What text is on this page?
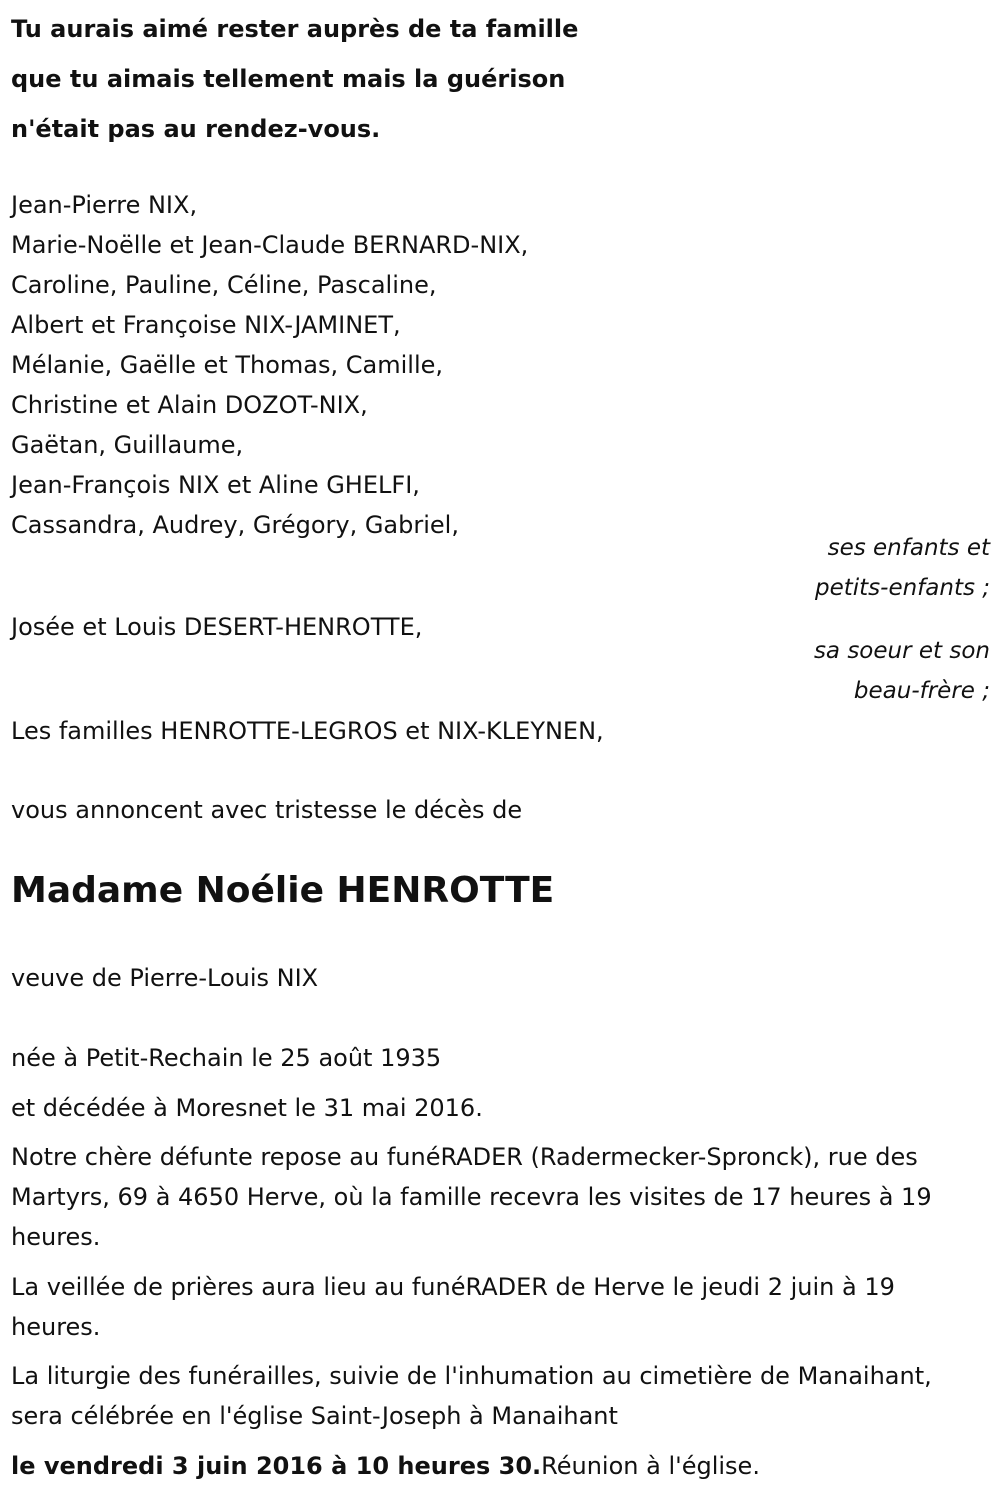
Tu aurais aimé rester auprès de ta famille
que tu aimais tellement mais la guérison
n'était pas au rendez-vous.
Jean-Pierre NIX,
Marie-Noëlle et Jean-Claude BERNARD-NIX,
Caroline, Pauline, Céline, Pascaline,
Albert et Françoise NIX-JAMINET,
Mélanie, Gaëlle et Thomas, Camille,
Christine et Alain DOZOT-NIX,
Gaëtan, Guillaume,
Jean-François NIX et Aline GHELFI,
Cassandra, Audrey, Grégory, Gabriel,
ses enfants et
petits-enfants ;
Josée et Louis DESERT-HENROTTE,
sa soeur et son
beau-frère ;
Les familles HENROTTE-LEGROS et NIX-KLEYNEN,
vous annoncent avec tristesse le décès de
Madame Noélie HENROTTE
veuve de Pierre-Louis NIX
née à Petit-Rechain le 25 août 1935
et décédée à Moresnet le 31 mai 2016.
Notre chère défunte repose au funéRADER (Radermecker-Spronck), rue des Martyrs, 69 à 4650 Herve, où la famille recevra les visites de 17 heures à 19 heures.
La veillée de prières aura lieu au funéRADER de Herve le jeudi 2 juin à 19 heures.
La liturgie des funérailles, suivie de l'inhumation au cimetière de Manaihant, sera célébrée en l'église Saint-Joseph à Manaihant
le vendredi 3 juin 2016 à 10 heures 30.Réunion à l'église.
